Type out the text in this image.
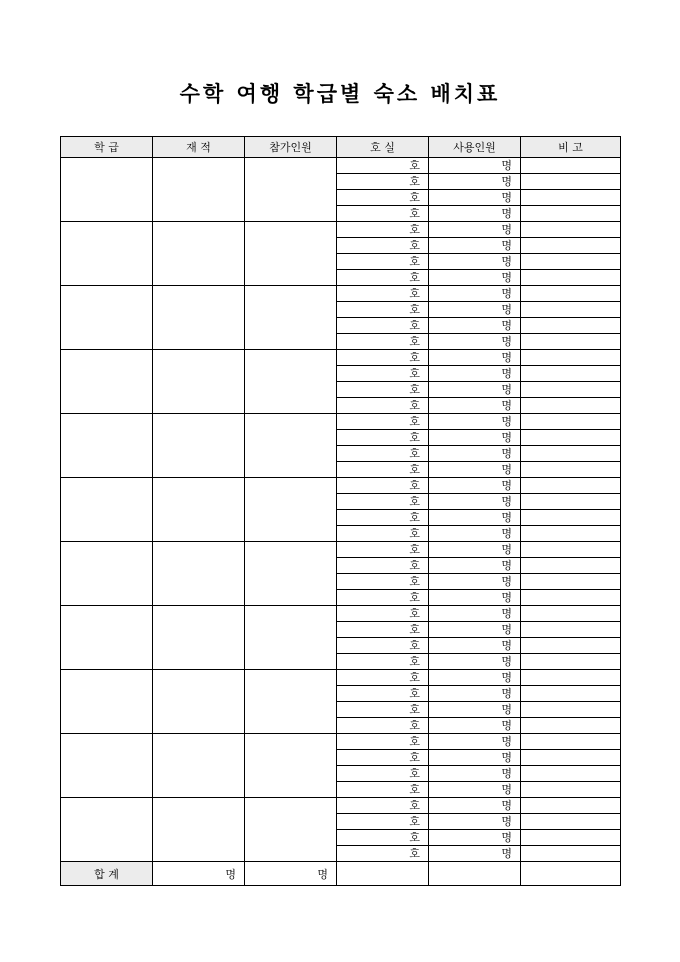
수학 여행 학급별 숙소 배치표
학 급	재 적	참가인원	호 실	사용인원	비 고
			호	명	
			호	명	
			호	명	
			호	명	
			호	명	
			호	명	
			호	명	
			호	명	
			호	명	
			호	명	
			호	명	
			호	명	
			호	명	
			호	명	
			호	명	
			호	명	
			호	명	
			호	명	
			호	명	
			호	명	
			호	명	
			호	명	
			호	명	
			호	명	
			호	명	
			호	명	
			호	명	
			호	명	
			호	명	
			호	명	
			호	명	
			호	명	
			호	명	
			호	명	
			호	명	
			호	명	
			호	명	
			호	명	
			호	명	
			호	명	
			호	명	
			호	명	
			호	명	
			호	명	
합 계	명	명			
